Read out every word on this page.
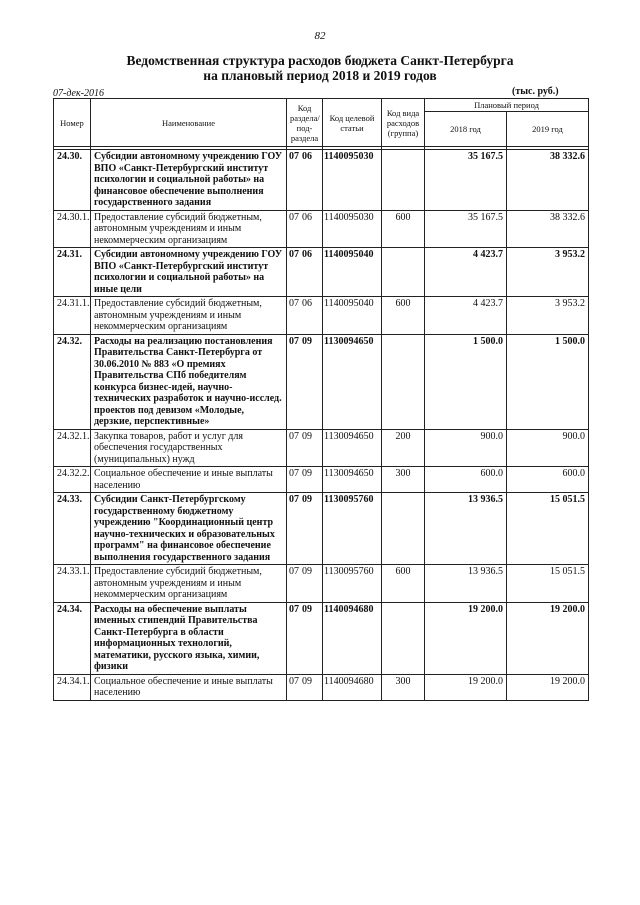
82
Ведомственная структура расходов бюджета Санкт-Петербурга
на плановый период 2018 и 2019 годов
07-дек-2016	(тыс. руб.)
Номер	Наименование	Код раздела/ под-раздела	Код целевой статьи	Код вида расходов (группа)	Плановый период	
					2018 год	2019 год

24.30.	Субсидии автономному учреждению ГОУ ВПО «Санкт-Петербургский институт психологии и социальной работы» на финансовое обеспечение выполнения государственного задания	07 06	1140095030		35 167.5	38 332.6
24.30.1.	Предоставление субсидий бюджетным, автономным учреждениям и иным некоммерческим организациям	07 06	1140095030	600	35 167.5	38 332.6
24.31.	Субсидии автономному учреждению ГОУ ВПО «Санкт-Петербургский институт психологии и социальной работы» на иные цели	07 06	1140095040		4 423.7	3 953.2
24.31.1.	Предоставление субсидий бюджетным, автономным учреждениям и иным некоммерческим организациям	07 06	1140095040	600	4 423.7	3 953.2
24.32.	Расходы на реализацию постановления Правительства Санкт-Петербурга от 30.06.2010 № 883 «О премиях Правительства СПб победителям конкурса бизнес-идей, научно-технических разработок и научно-исслед. проектов под девизом «Молодые, дерзкие, перспективные»	07 09	1130094650		1 500.0	1 500.0
24.32.1.	Закупка товаров, работ и услуг для обеспечения государственных (муниципальных) нужд	07 09	1130094650	200	900.0	900.0
24.32.2.	Социальное обеспечение и иные выплаты населению	07 09	1130094650	300	600.0	600.0
24.33.	Субсидии Санкт-Петербургскому государственному бюджетному учреждению "Координационный центр научно-технических и образовательных программ" на финансовое обеспечение выполнения государственного задания	07 09	1130095760		13 936.5	15 051.5
24.33.1.	Предоставление субсидий бюджетным, автономным учреждениям и иным некоммерческим организациям	07 09	1130095760	600	13 936.5	15 051.5
24.34.	Расходы на обеспечение выплаты именных стипендий Правительства Санкт-Петербурга в области информационных технологий, математики, русского языка, химии, физики	07 09	1140094680		19 200.0	19 200.0
24.34.1.	Социальное обеспечение и иные выплаты населению	07 09	1140094680	300	19 200.0	19 200.0
